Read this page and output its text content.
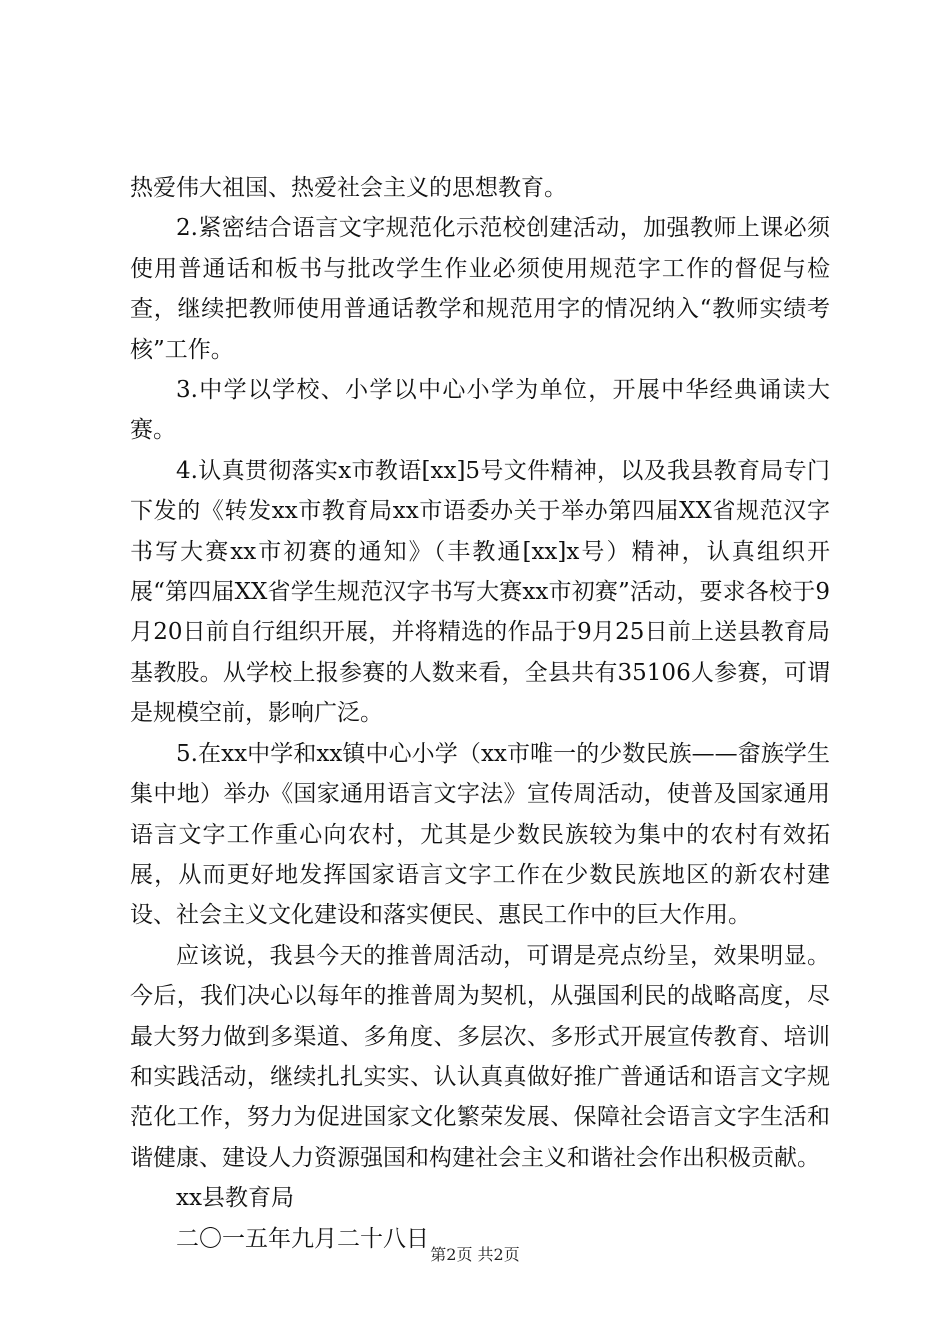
热爱伟大祖国、热爱社会主义的思想教育。

2.紧密结合语言文字规范化示范校创建活动，加强教师上课必须使用普通话和板书与批改学生作业必须使用规范字工作的督促与检查，继续把教师使用普通话教学和规范用字的情况纳入“教师实绩考核”工作。

3.中学以学校、小学以中心小学为单位，开展中华经典诵读大赛。

4.认真贯彻落实x市教语[xx]5号文件精神，以及我县教育局专门下发的《转发xx市教育局xx市语委办关于举办第四届XX省规范汉字书写大赛xx市初赛的通知》（丰教通[xx]x号）精神，认真组织开展“第四届XX省学生规范汉字书写大赛xx市初赛”活动，要求各校于9月20日前自行组织开展，并将精选的作品于9月25日前上送县教育局基教股。从学校上报参赛的人数来看，全县共有35106人参赛，可谓是规模空前，影响广泛。

5.在xx中学和xx镇中心小学（xx市唯一的少数民族——畲族学生集中地）举办《国家通用语言文字法》宣传周活动，使普及国家通用语言文字工作重心向农村，尤其是少数民族较为集中的农村有效拓展，从而更好地发挥国家语言文字工作在少数民族地区的新农村建设、社会主义文化建设和落实便民、惠民工作中的巨大作用。

应该说，我县今天的推普周活动，可谓是亮点纷呈，效果明显。今后，我们决心以每年的推普周为契机，从强国利民的战略高度，尽最大努力做到多渠道、多角度、多层次、多形式开展宣传教育、培训和实践活动，继续扎扎实实、认认真真做好推广普通话和语言文字规范化工作，努力为促进国家文化繁荣发展、保障社会语言文字生活和谐健康、建设人力资源强国和构建社会主义和谐社会作出积极贡献。

xx县教育局

二〇一五年九月二十八日

第2页 共2页
